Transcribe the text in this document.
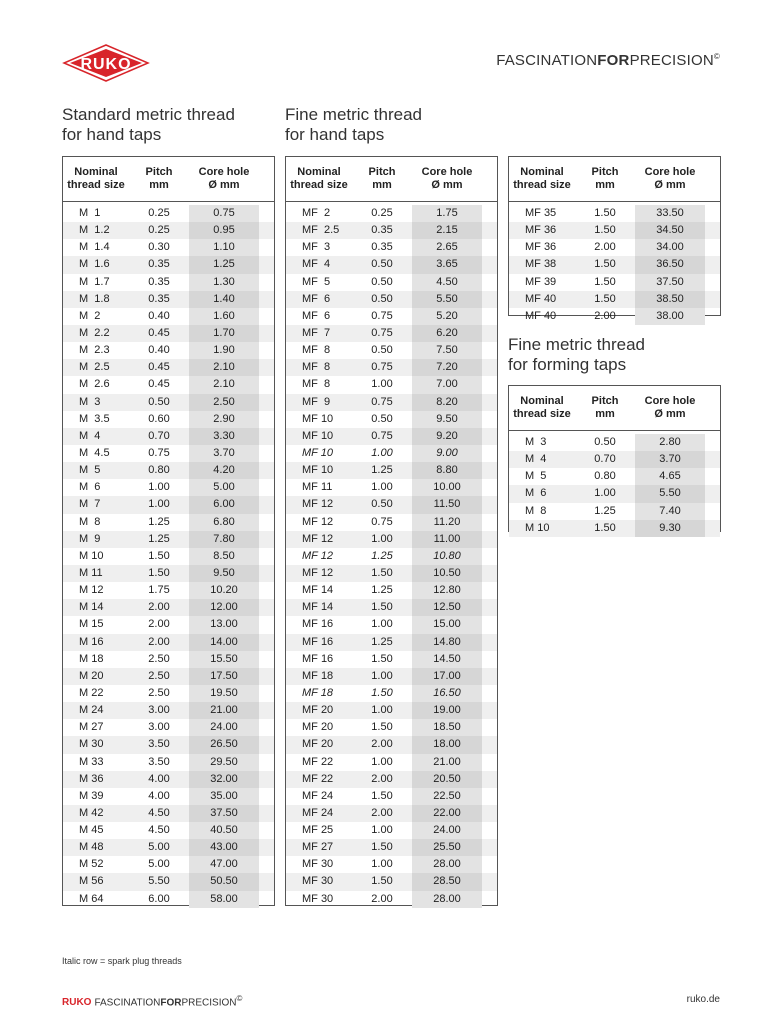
RUKO	FASCINATIONFORPRECISION©
Standard metric thread
for hand taps
Fine metric thread
for hand taps
Fine metric thread
for forming taps
Nominal
thread size
Pitch
mm
Core hole
Ø mm
M  1	0.25	0.75
M  1.2	0.25	0.95
M  1.4	0.30	1.10
M  1.6	0.35	1.25
M  1.7	0.35	1.30
M  1.8	0.35	1.40
M  2	0.40	1.60
M  2.2	0.45	1.70
M  2.3	0.40	1.90
M  2.5	0.45	2.10
M  2.6	0.45	2.10
M  3	0.50	2.50
M  3.5	0.60	2.90
M  4	0.70	3.30
M  4.5	0.75	3.70
M  5	0.80	4.20
M  6	1.00	5.00
M  7	1.00	6.00
M  8	1.25	6.80
M  9	1.25	7.80
M 10	1.50	8.50
M 11	1.50	9.50
M 12	1.75	10.20
M 14	2.00	12.00
M 15	2.00	13.00
M 16	2.00	14.00
M 18	2.50	15.50
M 20	2.50	17.50
M 22	2.50	19.50
M 24	3.00	21.00
M 27	3.00	24.00
M 30	3.50	26.50
M 33	3.50	29.50
M 36	4.00	32.00
M 39	4.00	35.00
M 42	4.50	37.50
M 45	4.50	40.50
M 48	5.00	43.00
M 52	5.00	47.00
M 56	5.50	50.50
M 64	6.00	58.00
Nominal
thread size
Pitch
mm
Core hole
Ø mm
MF  2	0.25	1.75
MF  2.5	0.35	2.15
MF  3	0.35	2.65
MF  4	0.50	3.65
MF  5	0.50	4.50
MF  6	0.50	5.50
MF  6	0.75	5.20
MF  7	0.75	6.20
MF  8	0.50	7.50
MF  8	0.75	7.20
MF  8	1.00	7.00
MF  9	0.75	8.20
MF 10	0.50	9.50
MF 10	0.75	9.20
MF 10	1.00	9.00
MF 10	1.25	8.80
MF 11	1.00	10.00
MF 12	0.50	11.50
MF 12	0.75	11.20
MF 12	1.00	11.00
MF 12	1.25	10.80
MF 12	1.50	10.50
MF 14	1.25	12.80
MF 14	1.50	12.50
MF 16	1.00	15.00
MF 16	1.25	14.80
MF 16	1.50	14.50
MF 18	1.00	17.00
MF 18	1.50	16.50
MF 20	1.00	19.00
MF 20	1.50	18.50
MF 20	2.00	18.00
MF 22	1.00	21.00
MF 22	2.00	20.50
MF 24	1.50	22.50
MF 24	2.00	22.00
MF 25	1.00	24.00
MF 27	1.50	25.50
MF 30	1.00	28.00
MF 30	1.50	28.50
MF 30	2.00	28.00
Nominal
thread size
Pitch
mm
Core hole
Ø mm
MF 35	1.50	33.50
MF 36	1.50	34.50
MF 36	2.00	34.00
MF 38	1.50	36.50
MF 39	1.50	37.50
MF 40	1.50	38.50
MF 40	2.00	38.00
Nominal
thread size
Pitch
mm
Core hole
Ø mm
M  3	0.50	2.80
M  4	0.70	3.70
M  5	0.80	4.65
M  6	1.00	5.50
M  8	1.25	7.40
M 10	1.50	9.30
Italic row = spark plug threads
RUKO FASCINATIONFORPRECISION©	ruko.de
